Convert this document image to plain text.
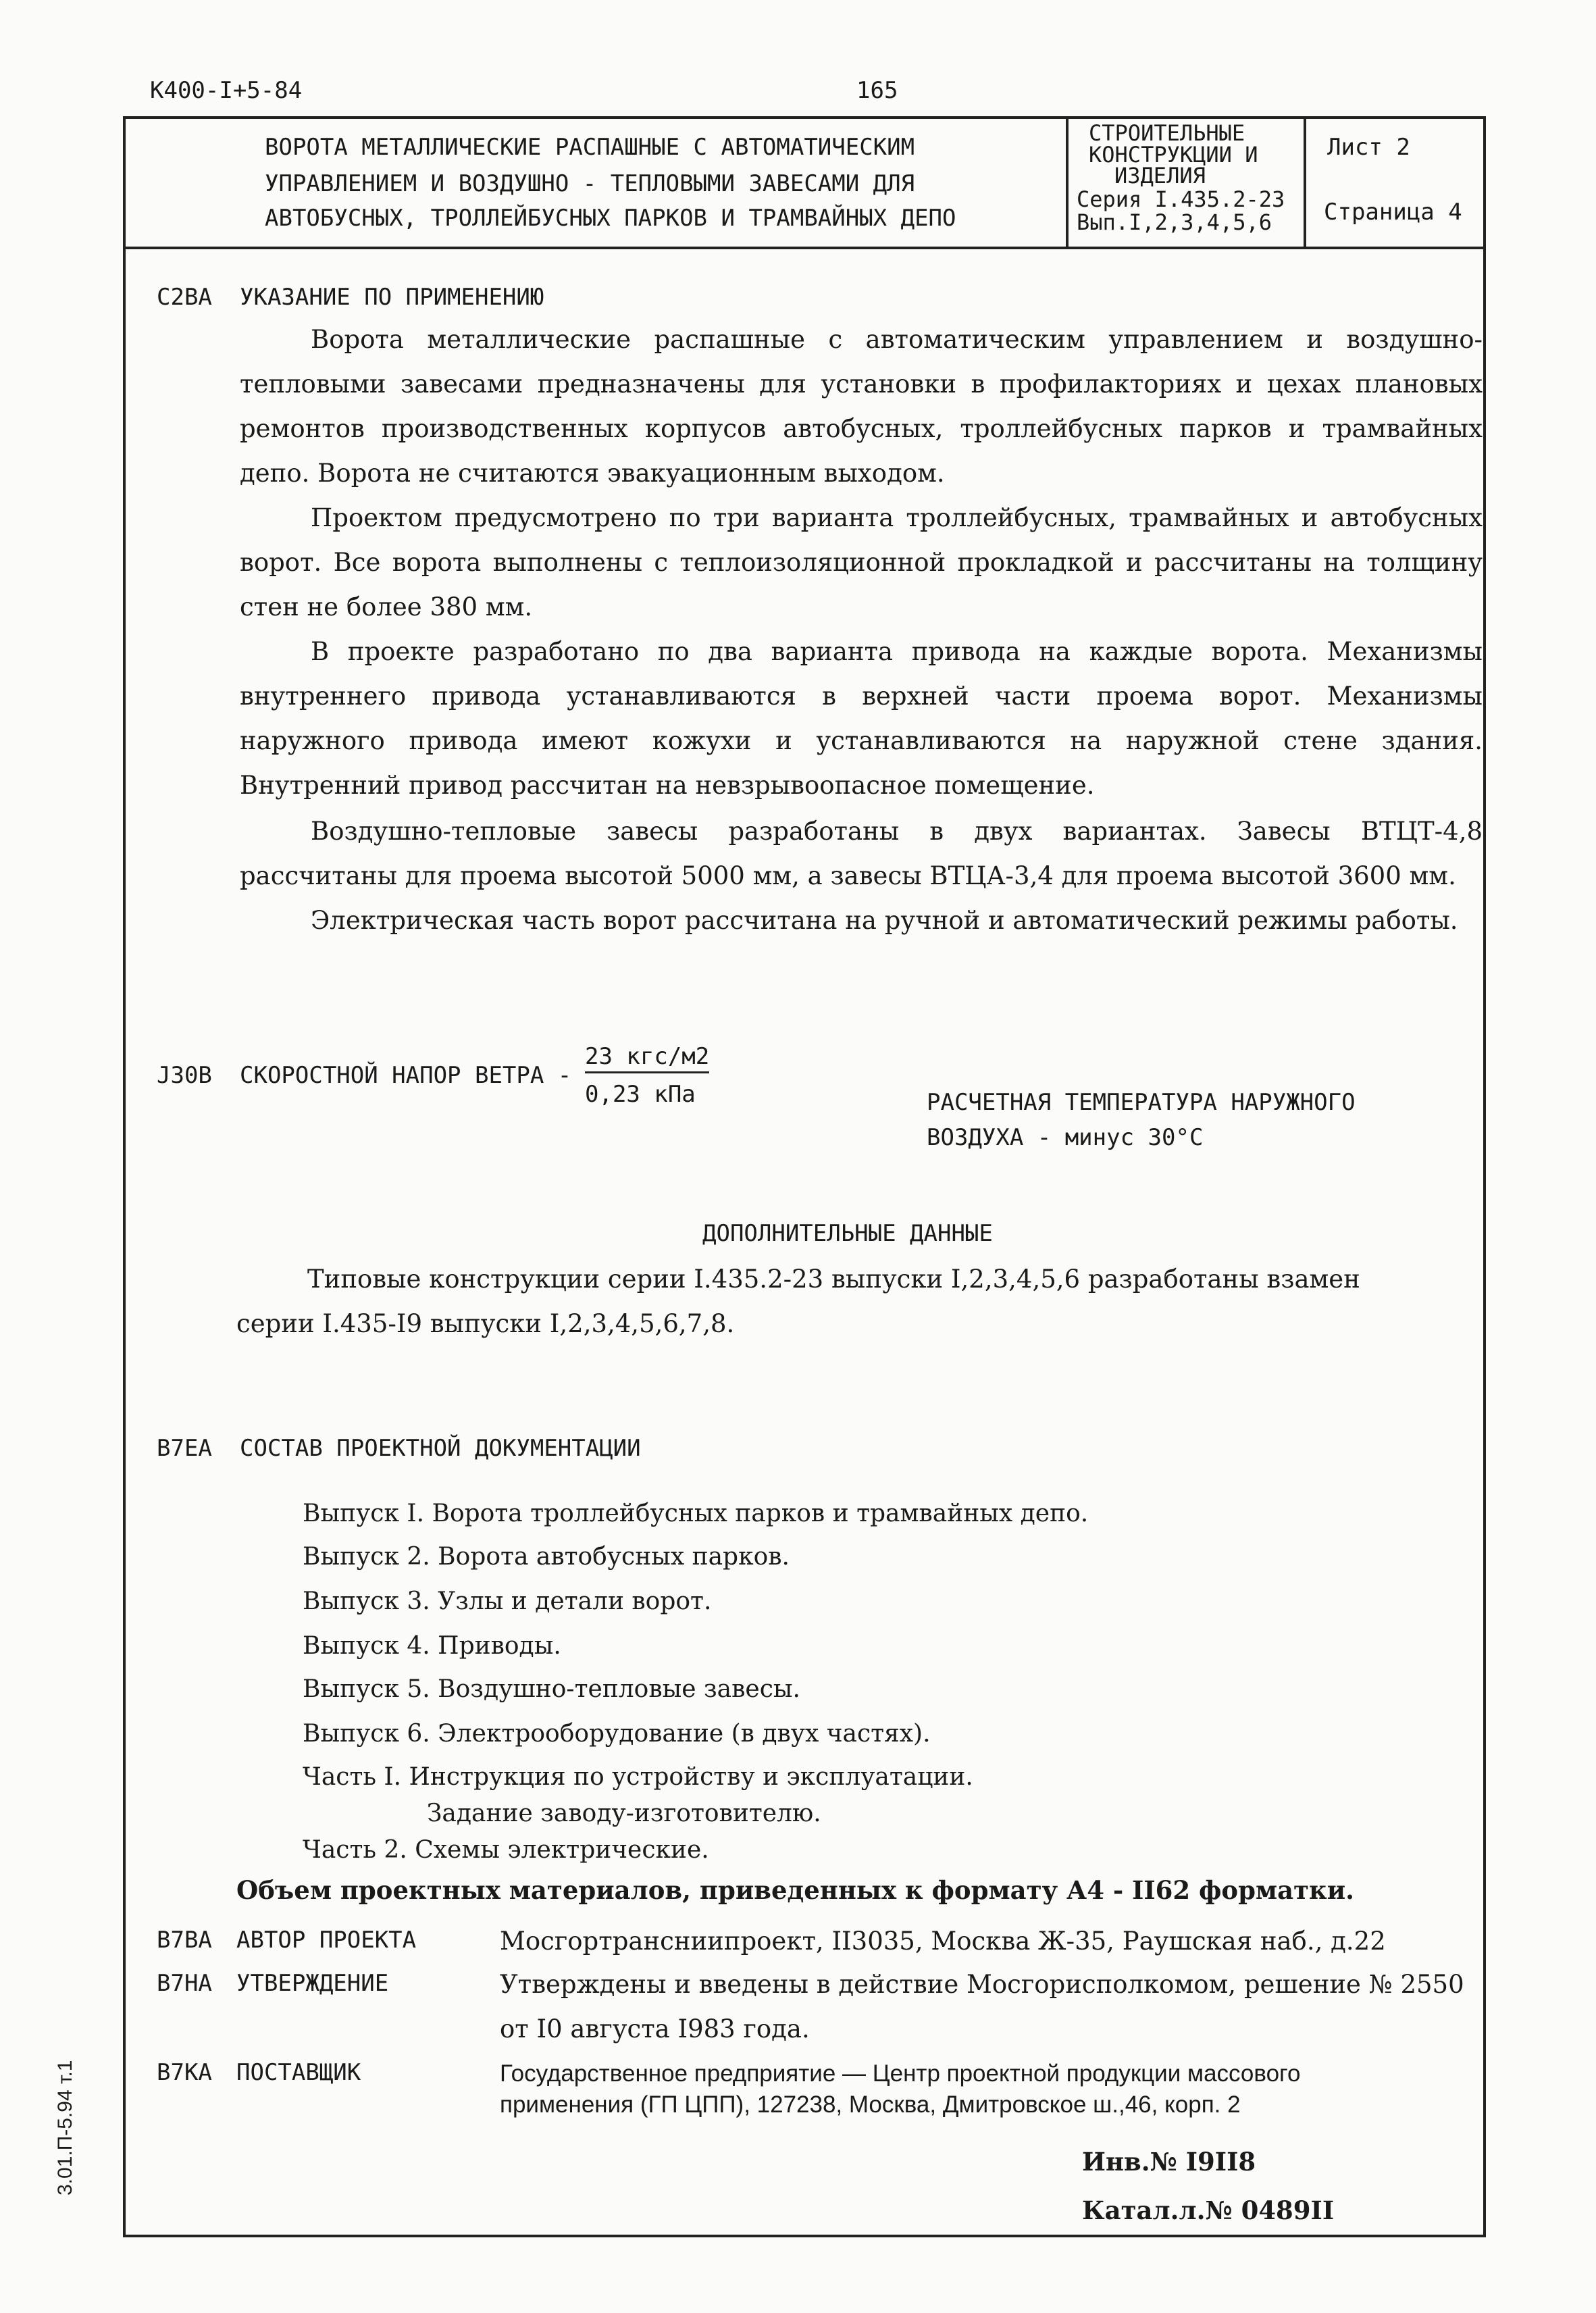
К400-I+5-84	165
ВОРОТА МЕТАЛЛИЧЕСКИЕ РАСПАШНЫЕ С АВТОМАТИЧЕСКИМ
УПРАВЛЕНИЕМ И ВОЗДУШНО - ТЕПЛОВЫМИ ЗАВЕСАМИ ДЛЯ
АВТОБУСНЫХ, ТРОЛЛЕЙБУСНЫХ ПАРКОВ И ТРАМВАЙНЫХ ДЕПО
СТРОИТЕЛЬНЫЕ
КОНСТРУКЦИИ И
ИЗДЕЛИЯ
Серия I.435.2-23
Вып.I,2,3,4,5,6
Лист 2
Страница 4
С2ВА УКАЗАНИЕ ПО ПРИМЕНЕНИЮ
Ворота металлические распашные с автоматическим управлением и воздушно-тепловыми завесами предназначены для установки в профилакториях и цехах плановых ремонтов производственных корпусов автобусных, троллейбусных парков и трамвайных депо. Ворота не считаются эвакуационным выходом.
Проектом предусмотрено по три варианта троллейбусных, трамвайных и автобусных ворот. Все ворота выполнены с теплоизоляционной прокладкой и рассчитаны на толщину стен не более 380 мм.
В проекте разработано по два варианта привода на каждые ворота. Механизмы внутреннего привода устанавливаются в верхней части проема ворот. Механизмы наружного привода имеют кожухи и устанавливаются на наружной стене здания. Внутренний привод рассчитан на невзрывоопасное помещение.
Воздушно-тепловые завесы разработаны в двух вариантах. Завесы ВТЦТ-4,8 рассчитаны для проема высотой 5000 мм, а завесы ВТЦА-3,4 для проема высотой 3600 мм.
Электрическая часть ворот рассчитана на ручной и автоматический режимы работы.
J30В СКОРОСТНОЙ НАПОР ВЕТРА -
23 кгс/м2
0,23 кПа	РАСЧЕТНАЯ ТЕМПЕРАТУРА НАРУЖНОГО
ВОЗДУХА - минус 30°С
ДОПОЛНИТЕЛЬНЫЕ ДАННЫЕ
Типовые конструкции серии I.435.2-23 выпуски I,2,3,4,5,6 разработаны взамен
серии I.435-I9 выпуски I,2,3,4,5,6,7,8.
В7ЕА СОСТАВ ПРОЕКТНОЙ ДОКУМЕНТАЦИИ
Выпуск I. Ворота троллейбусных парков и трамвайных депо.
Выпуск 2. Ворота автобусных парков.
Выпуск 3. Узлы и детали ворот.
Выпуск 4. Приводы.
Выпуск 5. Воздушно-тепловые завесы.
Выпуск 6. Электрооборудование (в двух частях).
Часть I. Инструкция по устройству и эксплуатации.
Задание заводу-изготовителю.
Часть 2. Схемы электрические.
Объем проектных материалов, приведенных к формату А4 - II62 форматки.
В7ВА АВТОР ПРОЕКТА	Мосгортрансниипроект, II3035, Москва Ж-35, Раушская наб., д.22
В7НА УТВЕРЖДЕНИЕ	Утверждены и введены в действие Мосгорисполкомом, решение № 2550
от I0 августа I983 года.
В7КА ПОСТАВЩИК	Государственное предприятие — Центр проектной продукции массового
применения (ГП ЦПП), 127238, Москва, Дмитровское ш.,46, корп. 2
Инв.№ I9II8
Катал.л.№ 0489II
3.01.П-5.94 т.1
